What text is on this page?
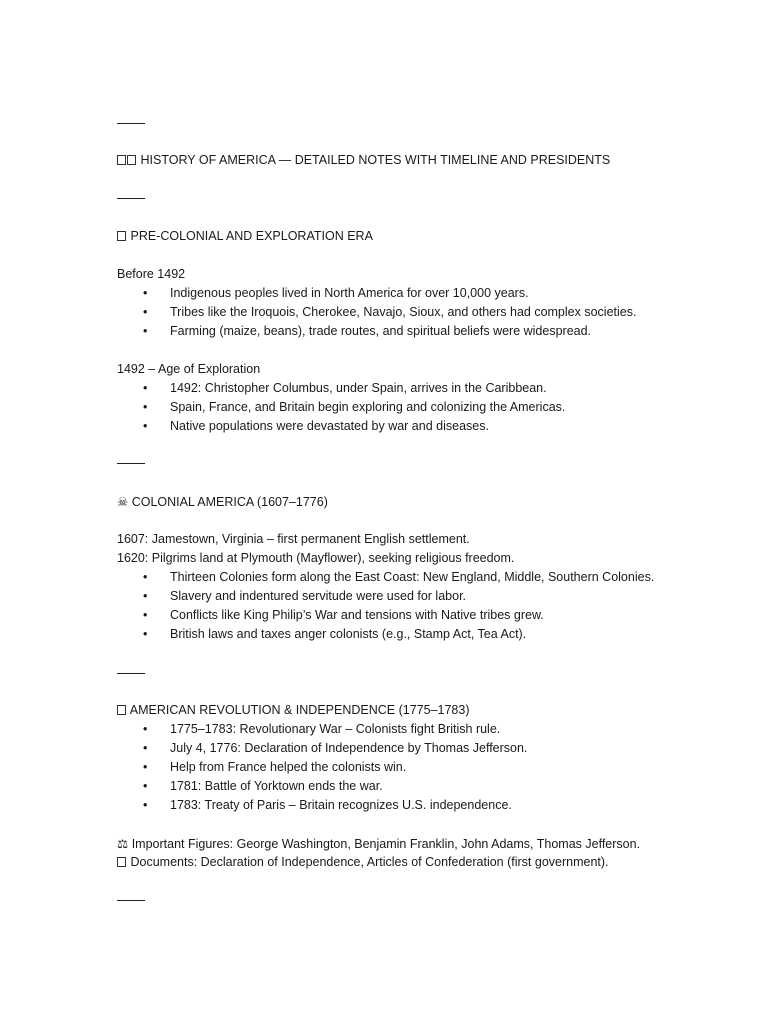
HISTORY OF AMERICA — DETAILED NOTES WITH TIMELINE AND PRESIDENTS
PRE-COLONIAL AND EXPLORATION ERA
Before 1492
• Indigenous peoples lived in North America for over 10,000 years.
• Tribes like the Iroquois, Cherokee, Navajo, Sioux, and others had complex societies.
• Farming (maize, beans), trade routes, and spiritual beliefs were widespread.
1492 – Age of Exploration
• 1492: Christopher Columbus, under Spain, arrives in the Caribbean.
• Spain, France, and Britain begin exploring and colonizing the Americas.
• Native populations were devastated by war and diseases.
☠ COLONIAL AMERICA (1607–1776)
1607: Jamestown, Virginia – first permanent English settlement.
1620: Pilgrims land at Plymouth (Mayflower), seeking religious freedom.
• Thirteen Colonies form along the East Coast: New England, Middle, Southern Colonies.
• Slavery and indentured servitude were used for labor.
• Conflicts like King Philip’s War and tensions with Native tribes grew.
• British laws and taxes anger colonists (e.g., Stamp Act, Tea Act).
AMERICAN REVOLUTION & INDEPENDENCE (1775–1783)
• 1775–1783: Revolutionary War – Colonists fight British rule.
• July 4, 1776: Declaration of Independence by Thomas Jefferson.
• Help from France helped the colonists win.
• 1781: Battle of Yorktown ends the war.
• 1783: Treaty of Paris – Britain recognizes U.S. independence.
⚖ Important Figures: George Washington, Benjamin Franklin, John Adams, Thomas Jefferson.
Documents: Declaration of Independence, Articles of Confederation (first government).
